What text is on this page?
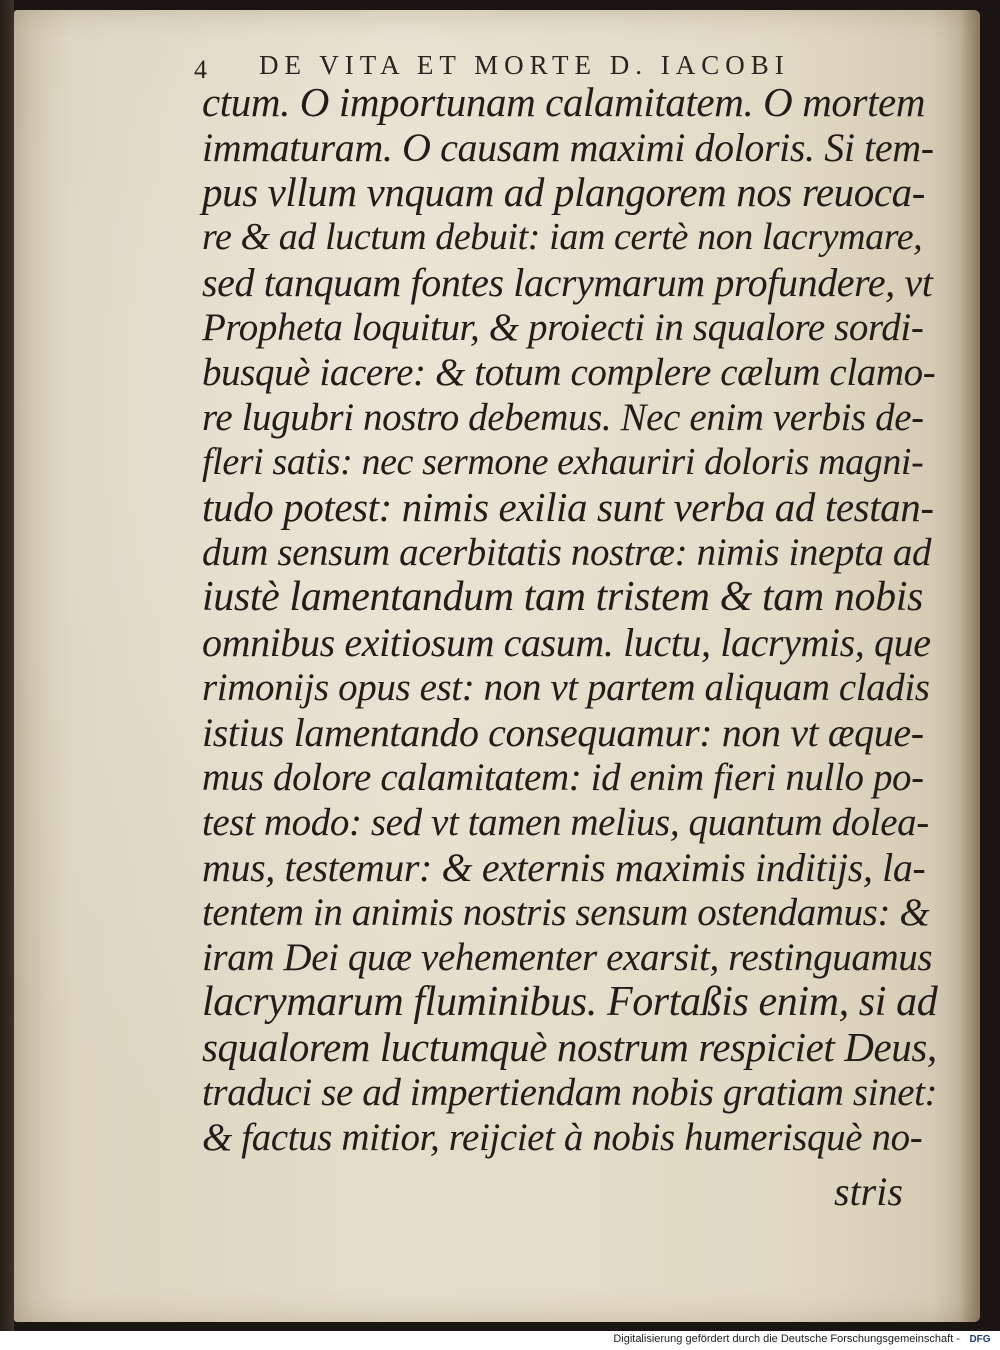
4 DE VITA ET MORTE D. IACOBI
ctum. O importunam calamitatem. O mortem
immaturam. O causam maximi doloris. Si tem-
pus vllum vnquam ad plangorem nos reuoca-
re & ad luctum debuit: iam certè non lacrymare,
sed tanquam fontes lacrymarum profundere, vt
Propheta loquitur, & proiecti in squalore sordi-
busquè iacere: & totum complere cælum clamo-
re lugubri nostro debemus. Nec enim verbis de-
fleri satis: nec sermone exhauriri doloris magni-
tudo potest: nimis exilia sunt verba ad testan-
dum sensum acerbitatis nostræ: nimis inepta ad
iustè lamentandum tam tristem & tam nobis
omnibus exitiosum casum. luctu, lacrymis, que
rimonijs opus est: non vt partem aliquam cladis
istius lamentando consequamur: non vt æque-
mus dolore calamitatem: id enim fieri nullo po-
test modo: sed vt tamen melius, quantum dolea-
mus, testemur: & externis maximis inditijs, la-
tentem in animis nostris sensum ostendamus: &
iram Dei quæ vehementer exarsit, restinguamus
lacrymarum fluminibus. Fortaßis enim, si ad
squalorem luctumquè nostrum respiciet Deus,
traduci se ad impertiendam nobis gratiam sinet:
& factus mitior, reijciet à nobis humerisquè no-
stris
Digitalisierung gefördert durch die Deutsche Forschungsgemeinschaft - DFG
